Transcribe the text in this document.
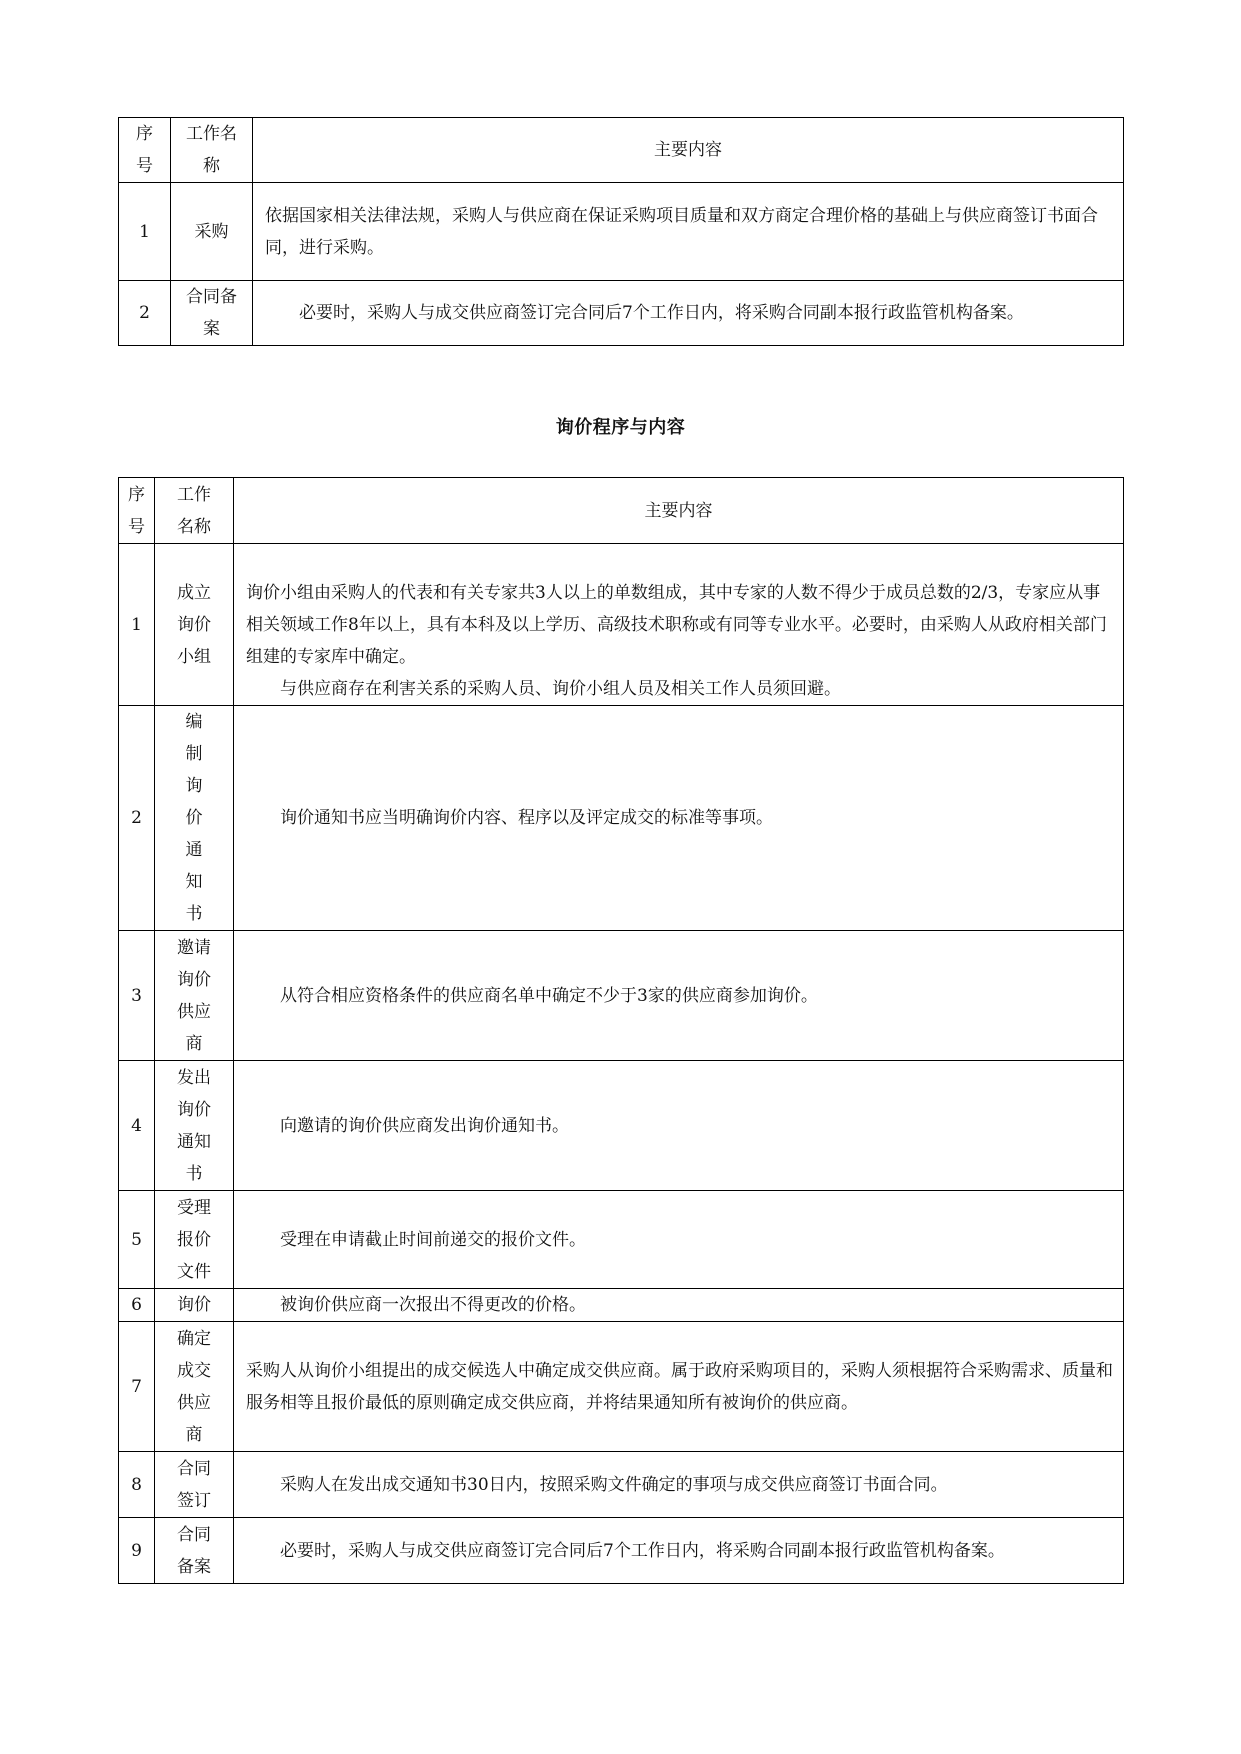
序号	工作名称	主要内容
1	采购	依据国家相关法律法规，采购人与供应商在保证采购项目质量和双方商定合理价格的基础上与供应商签订书面合同，进行采购。
2	合同备案	必要时，采购人与成交供应商签订完合同后7个工作日内，将采购合同副本报行政监管机构备案。
询价程序与内容
序号	工作名称	主要内容
1	成立询价小组	询价小组由采购人的代表和有关专家共3人以上的单数组成，其中专家的人数不得少于成员总数的2/3，专家应从事相关领域工作8年以上，具有本科及以上学历、高级技术职称或有同等专业水平。必要时，由采购人从政府相关部门组建的专家库中确定。
与供应商存在利害关系的采购人员、询价小组人员及相关工作人员须回避。

2	编制询价通知书	询价通知书应当明确询价内容、程序以及评定成交的标准等事项。

3	邀请询价供应商	从符合相应资格条件的供应商名单中确定不少于3家的供应商参加询价。

4	发出询价通知书	向邀请的询价供应商发出询价通知书。

5	受理报价文件	受理在申请截止时间前递交的报价文件。

6	询价	被询价供应商一次报出不得更改的价格。

7	确定成交供应商	采购人从询价小组提出的成交候选人中确定成交供应商。属于政府采购项目的，采购人须根据符合采购需求、质量和服务相等且报价最低的原则确定成交供应商，并将结果通知所有被询价的供应商。

8	合同签订	采购人在发出成交通知书30日内，按照采购文件确定的事项与成交供应商签订书面合同。

9	合同备案	必要时，采购人与成交供应商签订完合同后7个工作日内，将采购合同副本报行政监管机构备案。
